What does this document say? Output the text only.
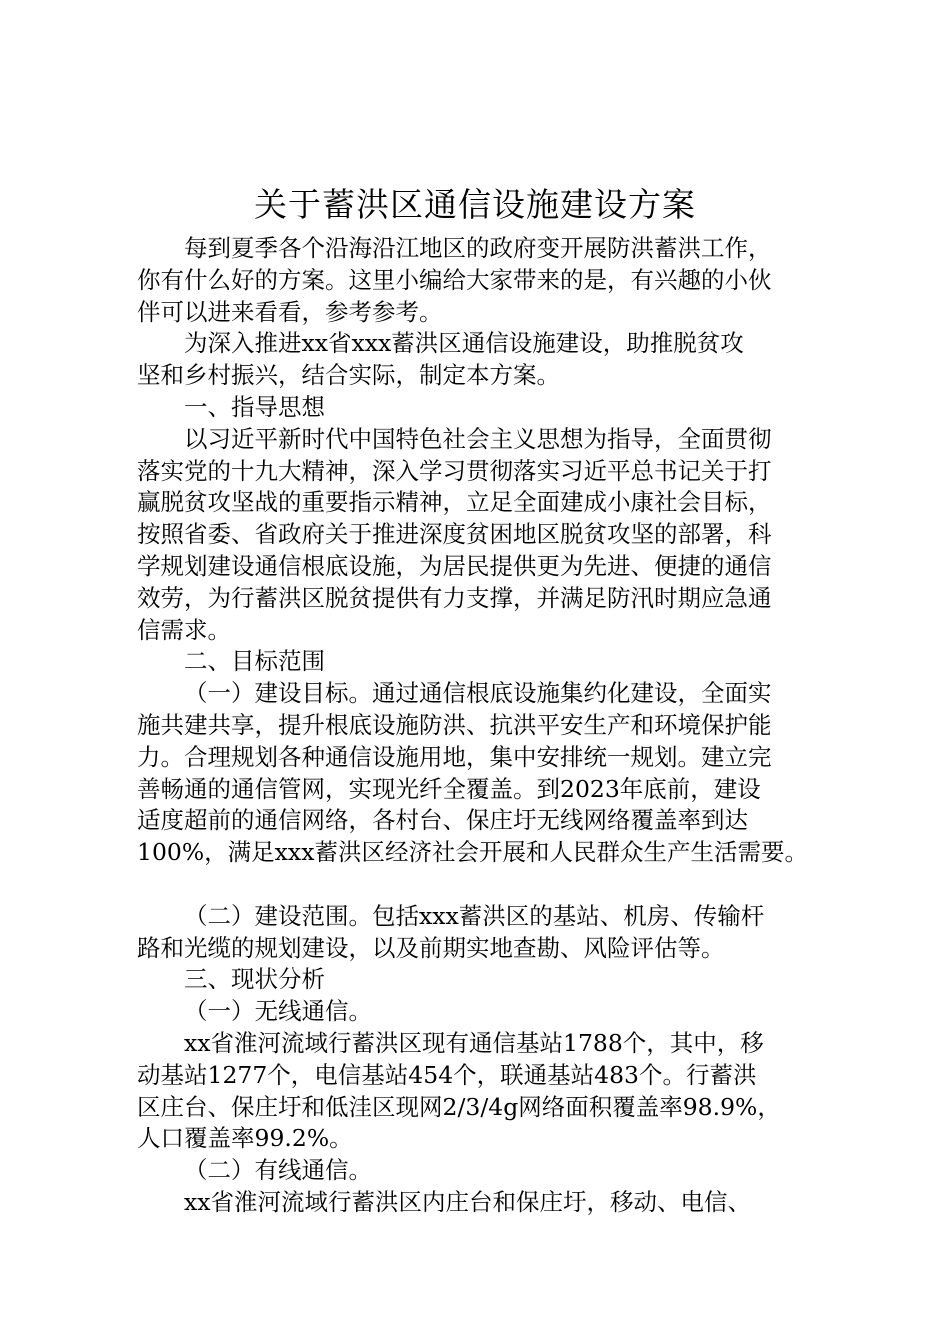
关于蓄洪区通信设施建设方案

每到夏季各个沿海沿江地区的政府变开展防洪蓄洪工作，
你有什么好的方案。这里小编给大家带来的是，有兴趣的小伙
伴可以进来看看，参考参考。

为深入推进xx省xxx蓄洪区通信设施建设，助推脱贫攻
坚和乡村振兴，结合实际，制定本方案。

一、指导思想

以习近平新时代中国特色社会主义思想为指导，全面贯彻
落实党的十九大精神，深入学习贯彻落实习近平总书记关于打
赢脱贫攻坚战的重要指示精神，立足全面建成小康社会目标，
按照省委、省政府关于推进深度贫困地区脱贫攻坚的部署，科
学规划建设通信根底设施，为居民提供更为先进、便捷的通信
效劳，为行蓄洪区脱贫提供有力支撑，并满足防汛时期应急通
信需求。

二、目标范围

（一）建设目标。通过通信根底设施集约化建设，全面实
施共建共享，提升根底设施防洪、抗洪平安生产和环境保护能
力。合理规划各种通信设施用地，集中安排统一规划。建立完
善畅通的通信管网，实现光纤全覆盖。到2023年底前，建设
适度超前的通信网络，各村台、保庄圩无线网络覆盖率到达
100%，满足xxx蓄洪区经济社会开展和人民群众生产生活需要。

（二）建设范围。包括xxx蓄洪区的基站、机房、传输杆
路和光缆的规划建设，以及前期实地查勘、风险评估等。

三、现状分析

（一）无线通信。

xx省淮河流域行蓄洪区现有通信基站1788个，其中，移
动基站1277个，电信基站454个，联通基站483个。行蓄洪
区庄台、保庄圩和低洼区现网2/3/4g网络面积覆盖率98.9%，
人口覆盖率99.2%。

（二）有线通信。

xx省淮河流域行蓄洪区内庄台和保庄圩，移动、电信、
